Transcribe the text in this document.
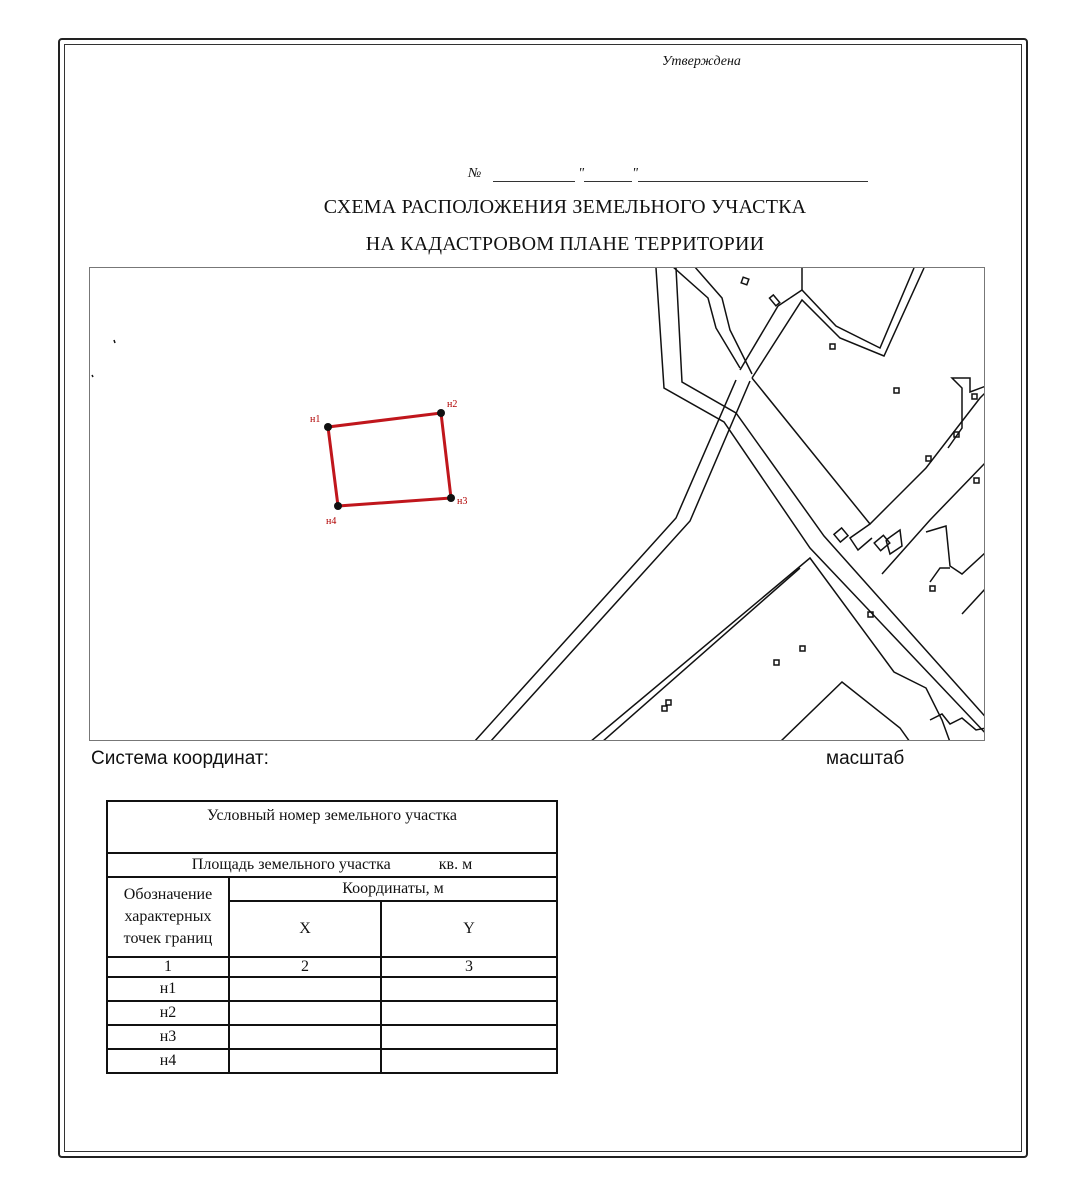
Утверждена
№	"	"
СХЕМА РАСПОЛОЖЕНИЯ ЗЕМЕЛЬНОГО УЧАСТКА
НА КАДАСТРОВОМ ПЛАНЕ ТЕРРИТОРИИ
н1
н2
н3
н4
Система координат:	масштаб
Условный номер земельного участка		
Площадь земельного участка кв. м		
Обозначение характерных точек границ	Координаты, м	
	X	Y
1	2	3
н1		
н2		
н3		
н4		
